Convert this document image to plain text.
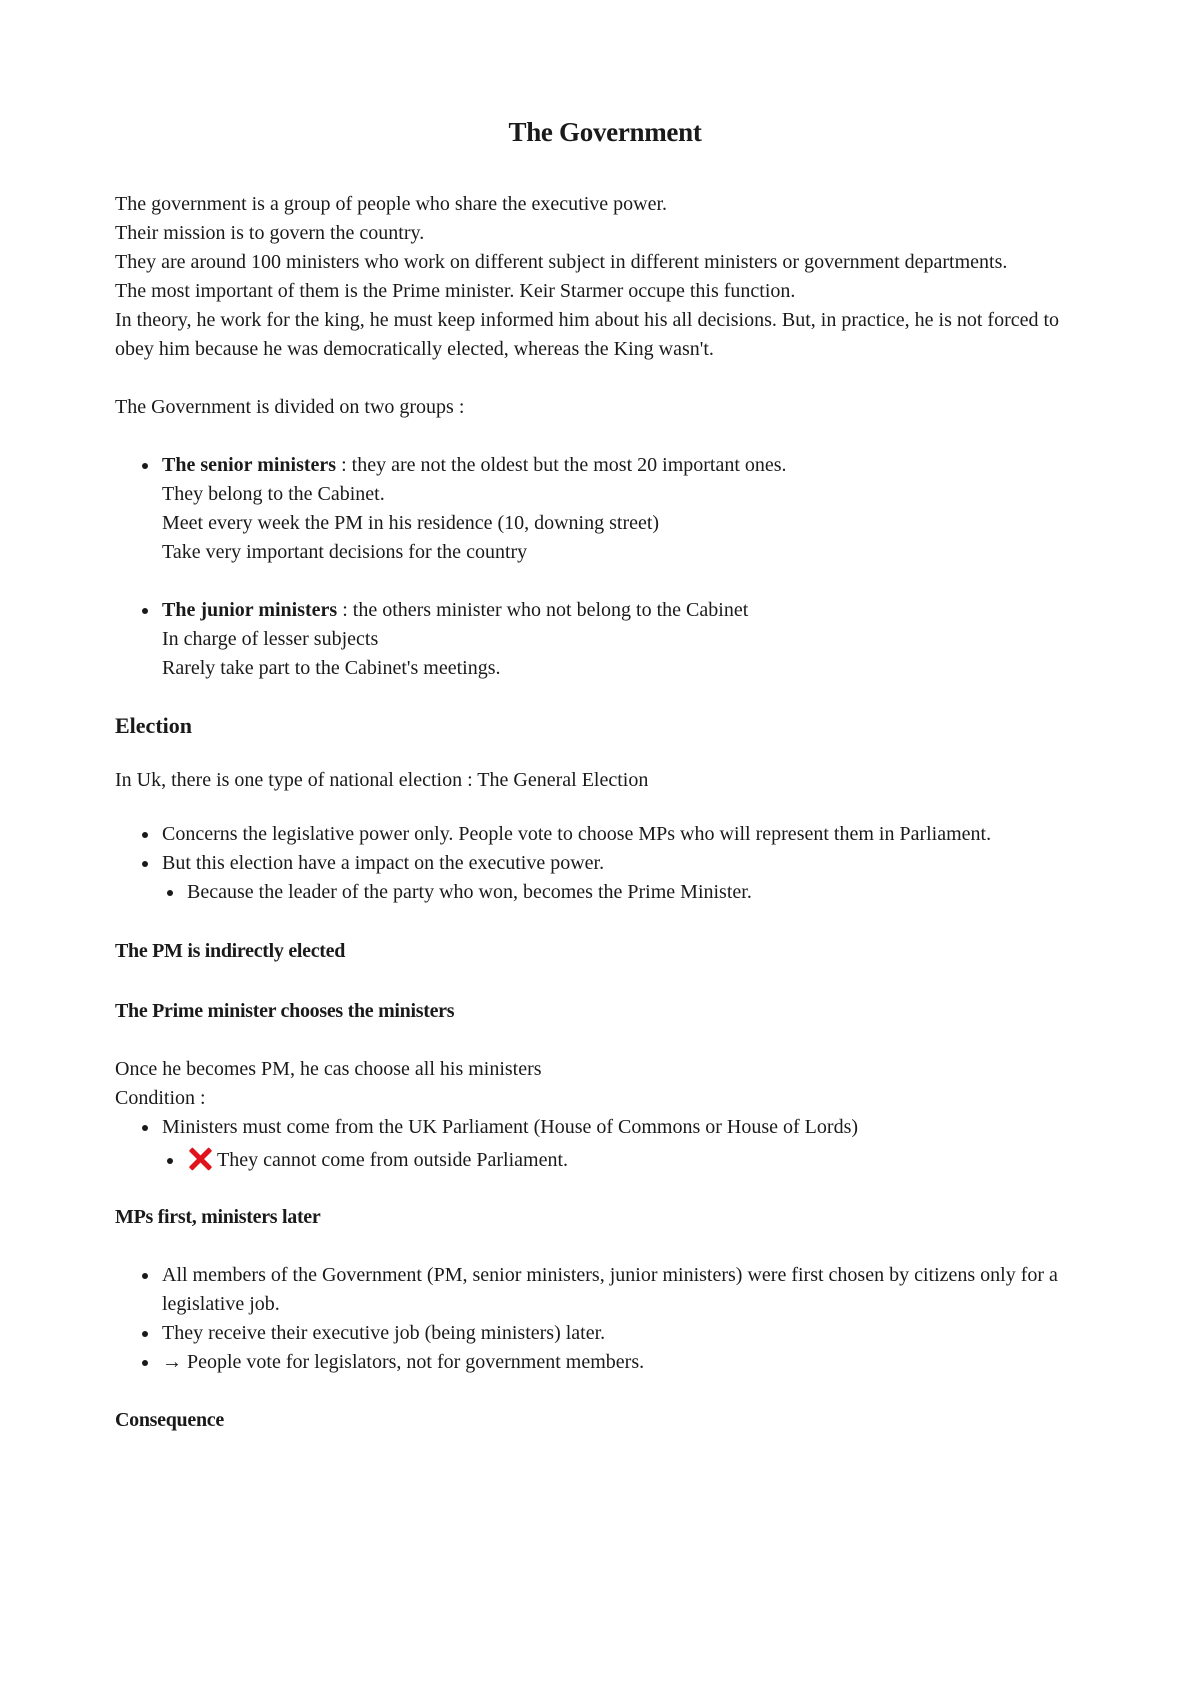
The Government

The government is a group of people who share the executive power.

Their mission is to govern the country.

They are around 100 ministers who work on different subject in different ministers or government departments.

The most important of them is the Prime minister. Keir Starmer occupe this function.

In theory, he work for the king, he must keep informed him about his all decisions. But, in practice, he is not forced to obey him because he was democratically elected, whereas the King wasn't.

The Government is divided on two groups :

The senior ministers : they are not the oldest but the most 20 important ones.
They belong to the Cabinet.
Meet every week the PM in his residence (10, downing street)
Take very important decisions for the country
The junior ministers : the others minister who not belong to the Cabinet
In charge of lesser subjects
Rarely take part to the Cabinet's meetings.
Election

In Uk, there is one type of national election : The General Election

Concerns the legislative power only. People vote to choose MPs who will represent them in Parliament.
But this election have a impact on the executive power.
Because the leader of the party who won, becomes the Prime Minister.
The PM is indirectly elected
The Prime minister chooses the ministers

Once he becomes PM, he cas choose all his ministers

Condition :

Ministers must come from the UK Parliament (House of Commons or House of Lords)
They cannot come from outside Parliament.
MPs first, ministers later
All members of the Government (PM, senior ministers, junior ministers) were first chosen by citizens only for a legislative job.
They receive their executive job (being ministers) later.
→ People vote for legislators, not for government members.
Consequence
